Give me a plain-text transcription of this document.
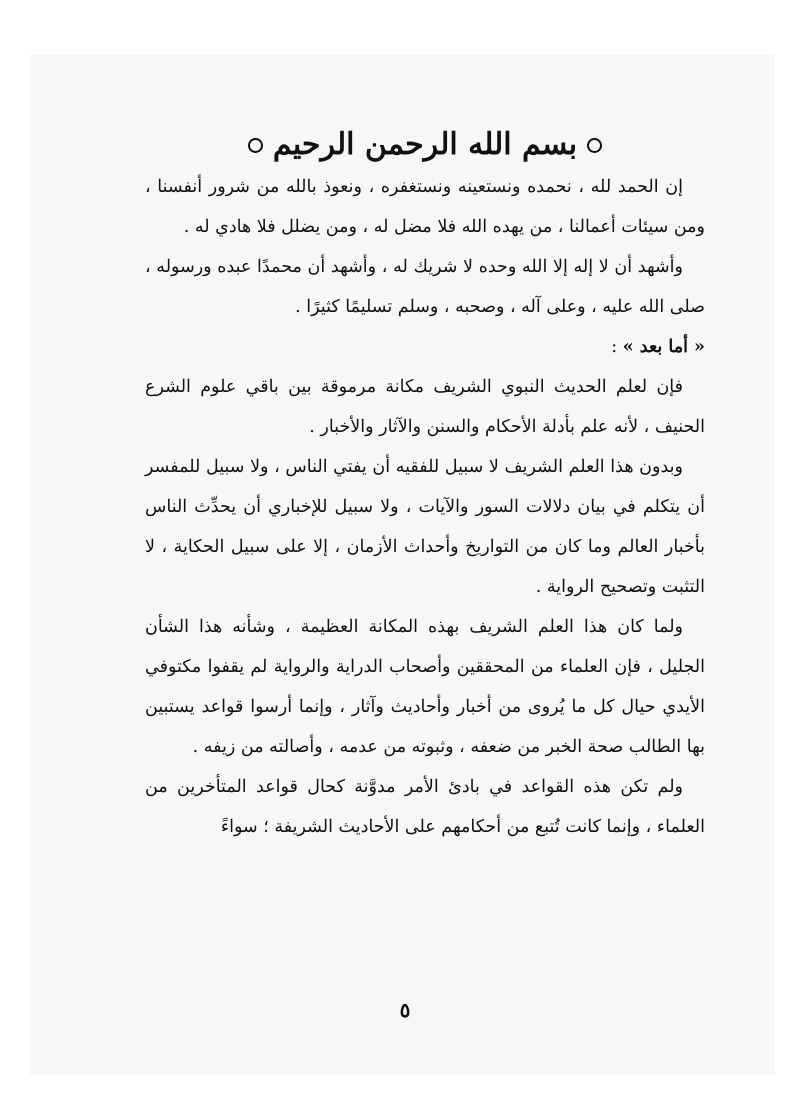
بسم الله الرحمن الرحيم

إن الحمد لله ، نحمده ونستعينه ونستغفره ، ونعوذ بالله من شرور أنفسنا ، ومن سيئات أعمالنا ، من يهده الله فلا مضل له ، ومن يضلل فلا هادي له .

وأشهد أن لا إله إلا الله وحده لا شريك له ، وأشهد أن محمدًا عبده ورسوله ، صلى الله عليه ، وعلى آله ، وصحبه ، وسلم تسليمًا كثيرًا .

« أما بعد » :

فإن لعلم الحديث النبوي الشريف مكانة مرموقة بين باقي علوم الشرع الحنيف ، لأنه علم بأدلة الأحكام والسنن والآثار والأخبار .

وبدون هذا العلم الشريف لا سبيل للفقيه أن يفتي الناس ، ولا سبيل للمفسر أن يتكلم في بيان دلالات السور والآيات ، ولا سبيل للإخباري أن يحدِّث الناس بأخبار العالم وما كان من التواريخ وأحداث الأزمان ، إلا على سبيل الحكاية ، لا التثبت وتصحيح الرواية .

ولما كان هذا العلم الشريف بهذه المكانة العظيمة ، وشأنه هذا الشأن الجليل ، فإن العلماء من المحققين وأصحاب الدراية والرواية لم يقفوا مكتوفي الأيدي حيال كل ما يُروى من أخبار وأحاديث وآثار ، وإنما أرسوا قواعد يستبين بها الطالب صحة الخبر من ضعفه ، وثبوته من عدمه ، وأصالته من زيفه .

ولم تكن هذه القواعد في بادئ الأمر مدوَّنة كحال قواعد المتأخرين من العلماء ، وإنما كانت تُتبع من أحكامهم على الأحاديث الشريفة ؛ سواءً

٥
